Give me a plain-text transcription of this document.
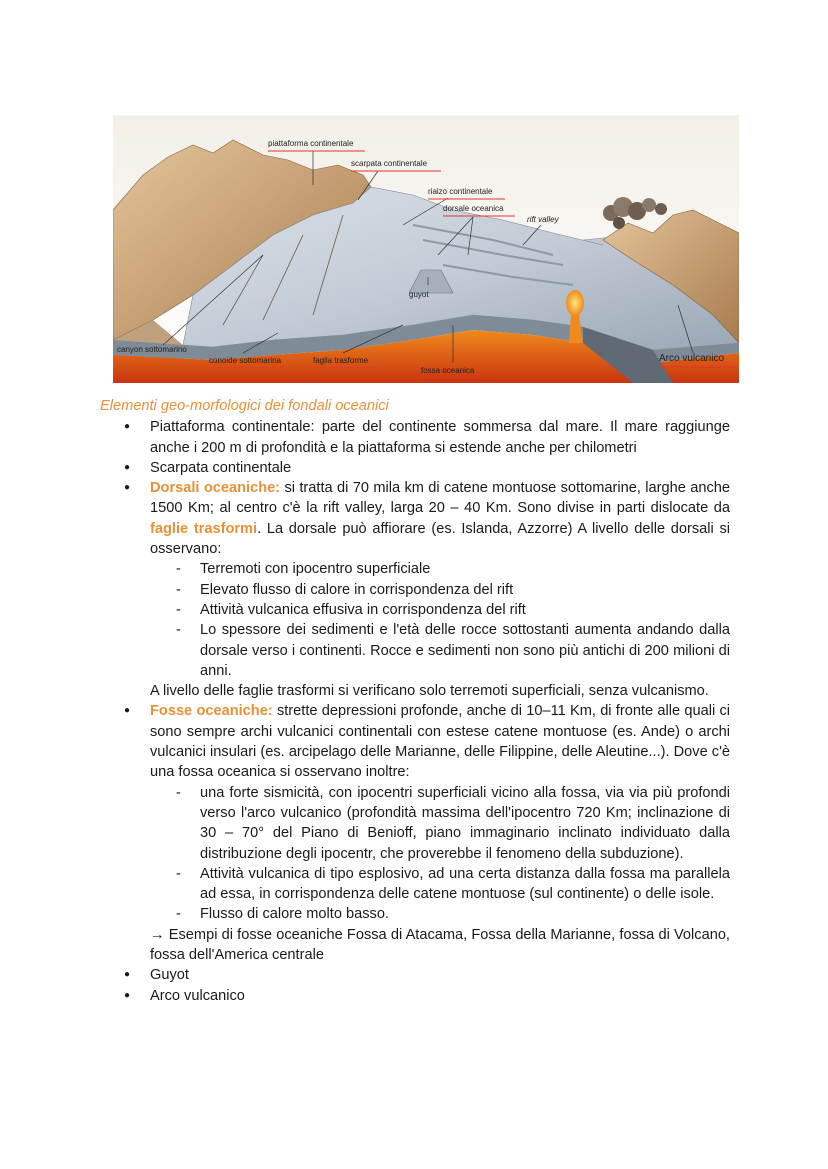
piattaforma continentale
scarpata continentale
rialzo continentale
dorsale oceanica
rift valley
guyot
canyon sottomarino
conoide sottomarina	faglia trasforme
fossa oceanica
Arco vulcanico
Elementi geo-morfologici dei fondali oceanici
● Piattaforma continentale: parte del continente sommersa dal mare. Il mare raggiunge anche i 200 m di profondità e la piattaforma si estende anche per chilometri
● Scarpata continentale
● Dorsali oceaniche: si tratta di 70 mila km di catene montuose sottomarine, larghe anche 1500 Km; al centro c'è la rift valley, larga 20 – 40 Km. Sono divise in parti dislocate da faglie trasformi. La dorsale può affiorare (es. Islanda, Azzorre) A livello delle dorsali si osservano:
- Terremoti con ipocentro superficiale
- Elevato flusso di calore in corrispondenza del rift
- Attività vulcanica effusiva in corrispondenza del rift
- Lo spessore dei sedimenti e l'età delle rocce sottostanti aumenta andando dalla dorsale verso i continenti. Rocce e sedimenti non sono più antichi di 200 milioni di anni.
A livello delle faglie trasformi si verificano solo terremoti superficiali, senza vulcanismo.
● Fosse oceaniche: strette depressioni profonde, anche di 10–11 Km, di fronte alle quali ci sono sempre archi vulcanici continentali con estese catene montuose (es. Ande) o archi vulcanici insulari (es. arcipelago delle Marianne, delle Filippine, delle Aleutine...). Dove c'è una fossa oceanica si osservano inoltre:
- una forte sismicità, con ipocentri superficiali vicino alla fossa, via via più profondi verso l'arco vulcanico (profondità massima dell'ipocentro 720 Km; inclinazione di 30 – 70° del Piano di Benioff, piano immaginario inclinato individuato dalla distribuzione degli ipocentr, che proverebbe il fenomeno della subduzione).
- Attività vulcanica di tipo esplosivo, ad una certa distanza dalla fossa ma parallela ad essa, in corrispondenza delle catene montuose (sul continente) o delle isole.
- Flusso di calore molto basso.
→ Esempi di fosse oceaniche Fossa di Atacama, Fossa della Marianne, fossa di Volcano, fossa dell'America centrale
● Guyot
● Arco vulcanico
